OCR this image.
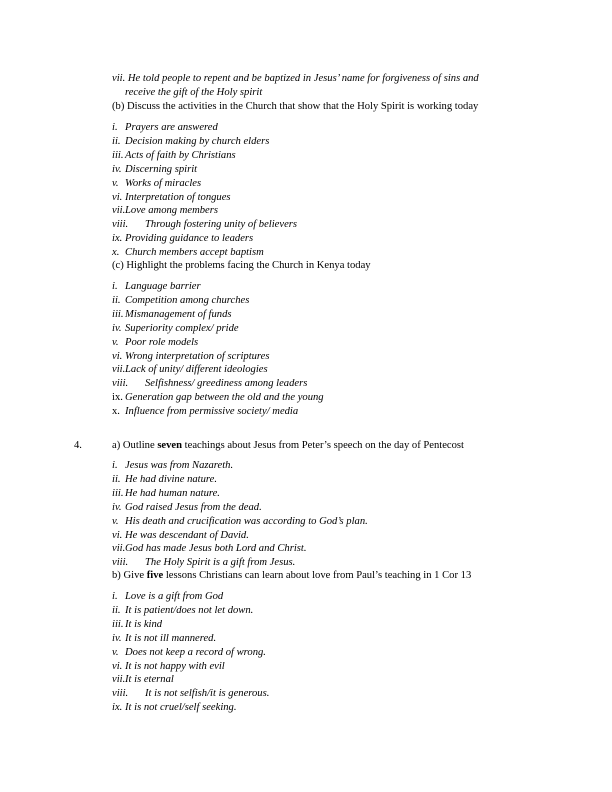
vii. He told people to repent and be baptized in Jesus’ name for forgiveness of sins and
receive the gift of the Holy spirit
(b) Discuss the activities in the Church that show that the Holy Spirit is working today
i. Prayers are answered
ii. Decision making by church elders
iii. Acts of faith by Christians
iv. Discerning spirit
v. Works of miracles
vi. Interpretation of tongues
vii.Love among members
viii. Through fostering unity of believers
ix. Providing guidance to leaders
x. Church members accept baptism
(c) Highlight the problems facing the Church in Kenya today
i. Language barrier
ii. Competition among churches
iii. Mismanagement of funds
iv. Superiority complex/ pride
v. Poor role models
vi. Wrong interpretation of scriptures
vii.Lack of unity/ different ideologies
viii. Selfishness/ greediness among leaders
ix. Generation gap between the old and the young
x. Influence from permissive society/ media
4.	a) Outline seven teachings about Jesus from Peter’s speech on the day of Pentecost
i. Jesus was from Nazareth.
ii. He had divine nature.
iii. He had human nature.
iv. God raised Jesus from the dead.
v. His death and crucification was according to God’s plan.
vi. He was descendant of David.
vii.God has made Jesus both Lord and Christ.
viii. The Holy Spirit is a gift from Jesus.
b) Give five lessons Christians can learn about love from Paul’s teaching in 1 Cor 13
i. Love is a gift from God
ii. It is patient/does not let down.
iii. It is kind
iv. It is not ill mannered.
v. Does not keep a record of wrong.
vi. It is not happy with evil
vii.It is eternal
viii. It is not selfish/it is generous.
ix. It is not cruel/self seeking.
